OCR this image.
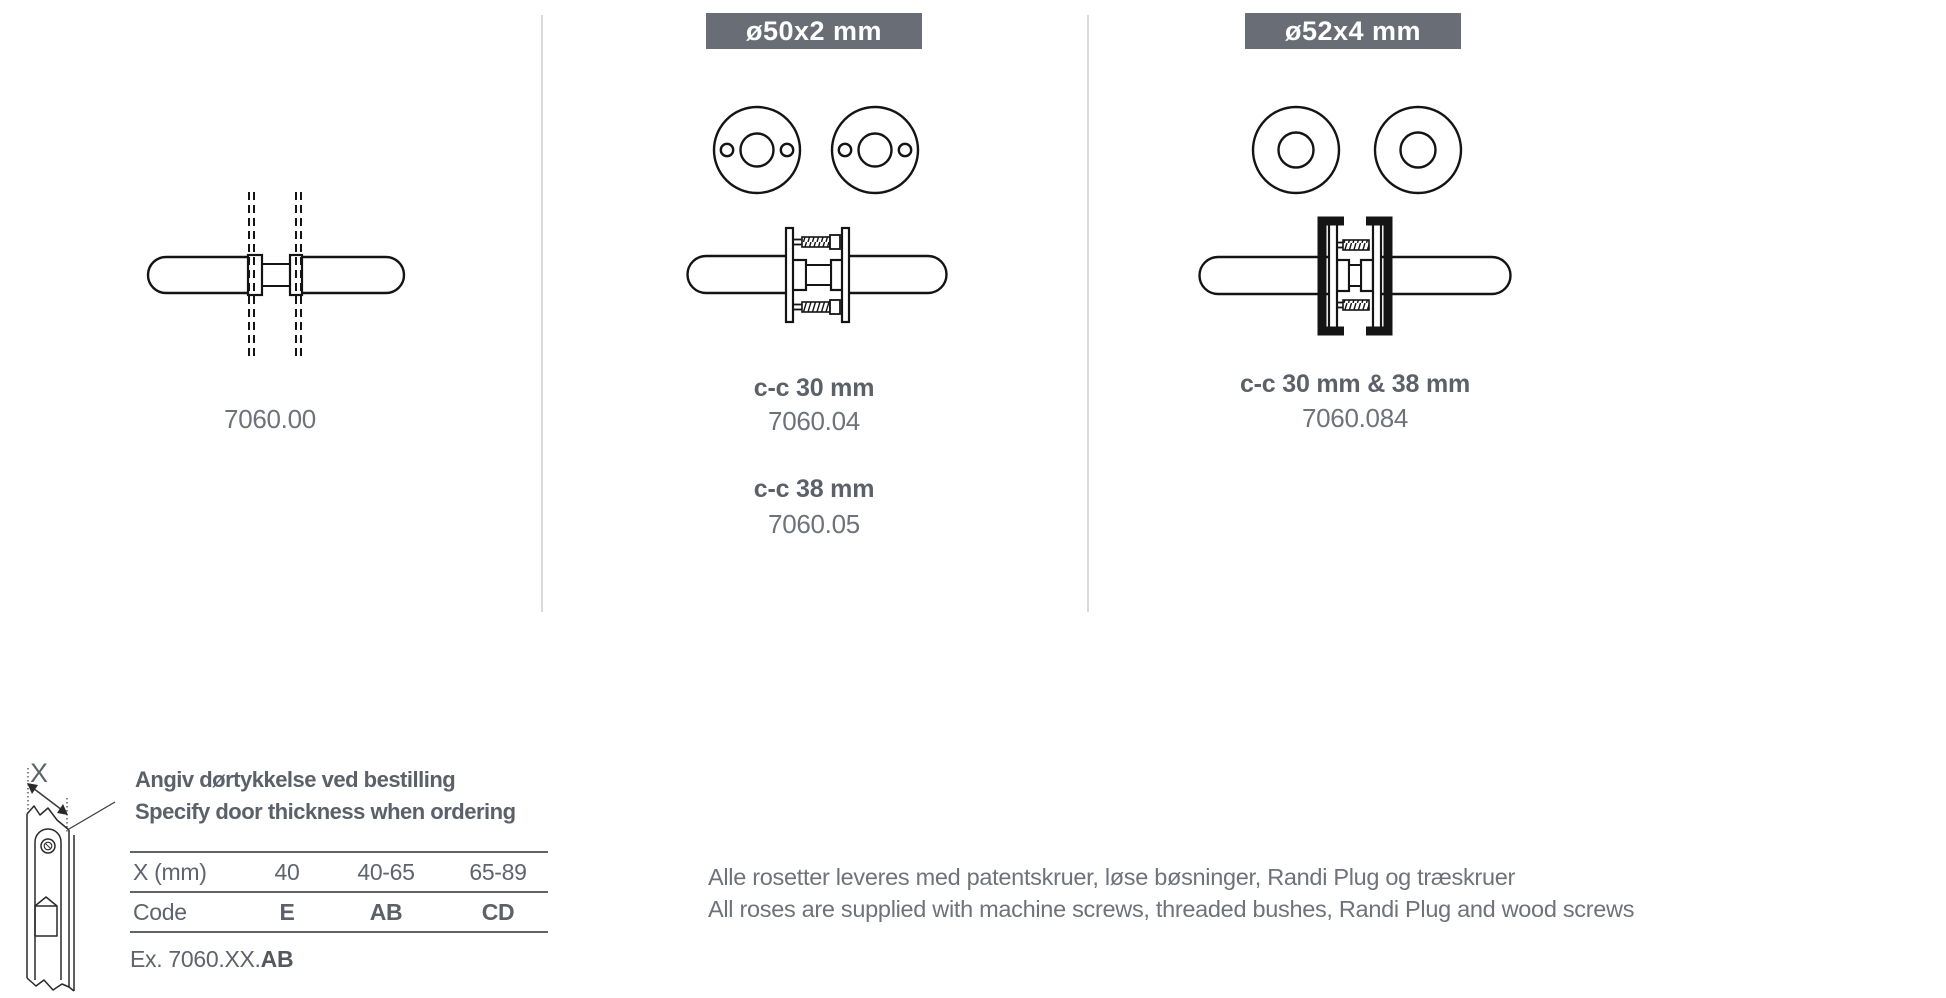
7060.00
ø50x2 mm
c-c 30 mm
7060.04
c-c 38 mm
7060.05
ø52x4 mm
c-c 30 mm & 38 mm
7060.084
X	Angiv dørtykkelse ved bestilling
Specify door thickness when ordering
X (mm)	40	40-65	65-89
Code	E	AB	CD
Ex. 7060.XX.AB
Alle rosetter leveres med patentskruer, løse bøsninger, Randi Plug og træskruer
All roses are supplied with machine screws, threaded bushes, Randi Plug and wood screws
